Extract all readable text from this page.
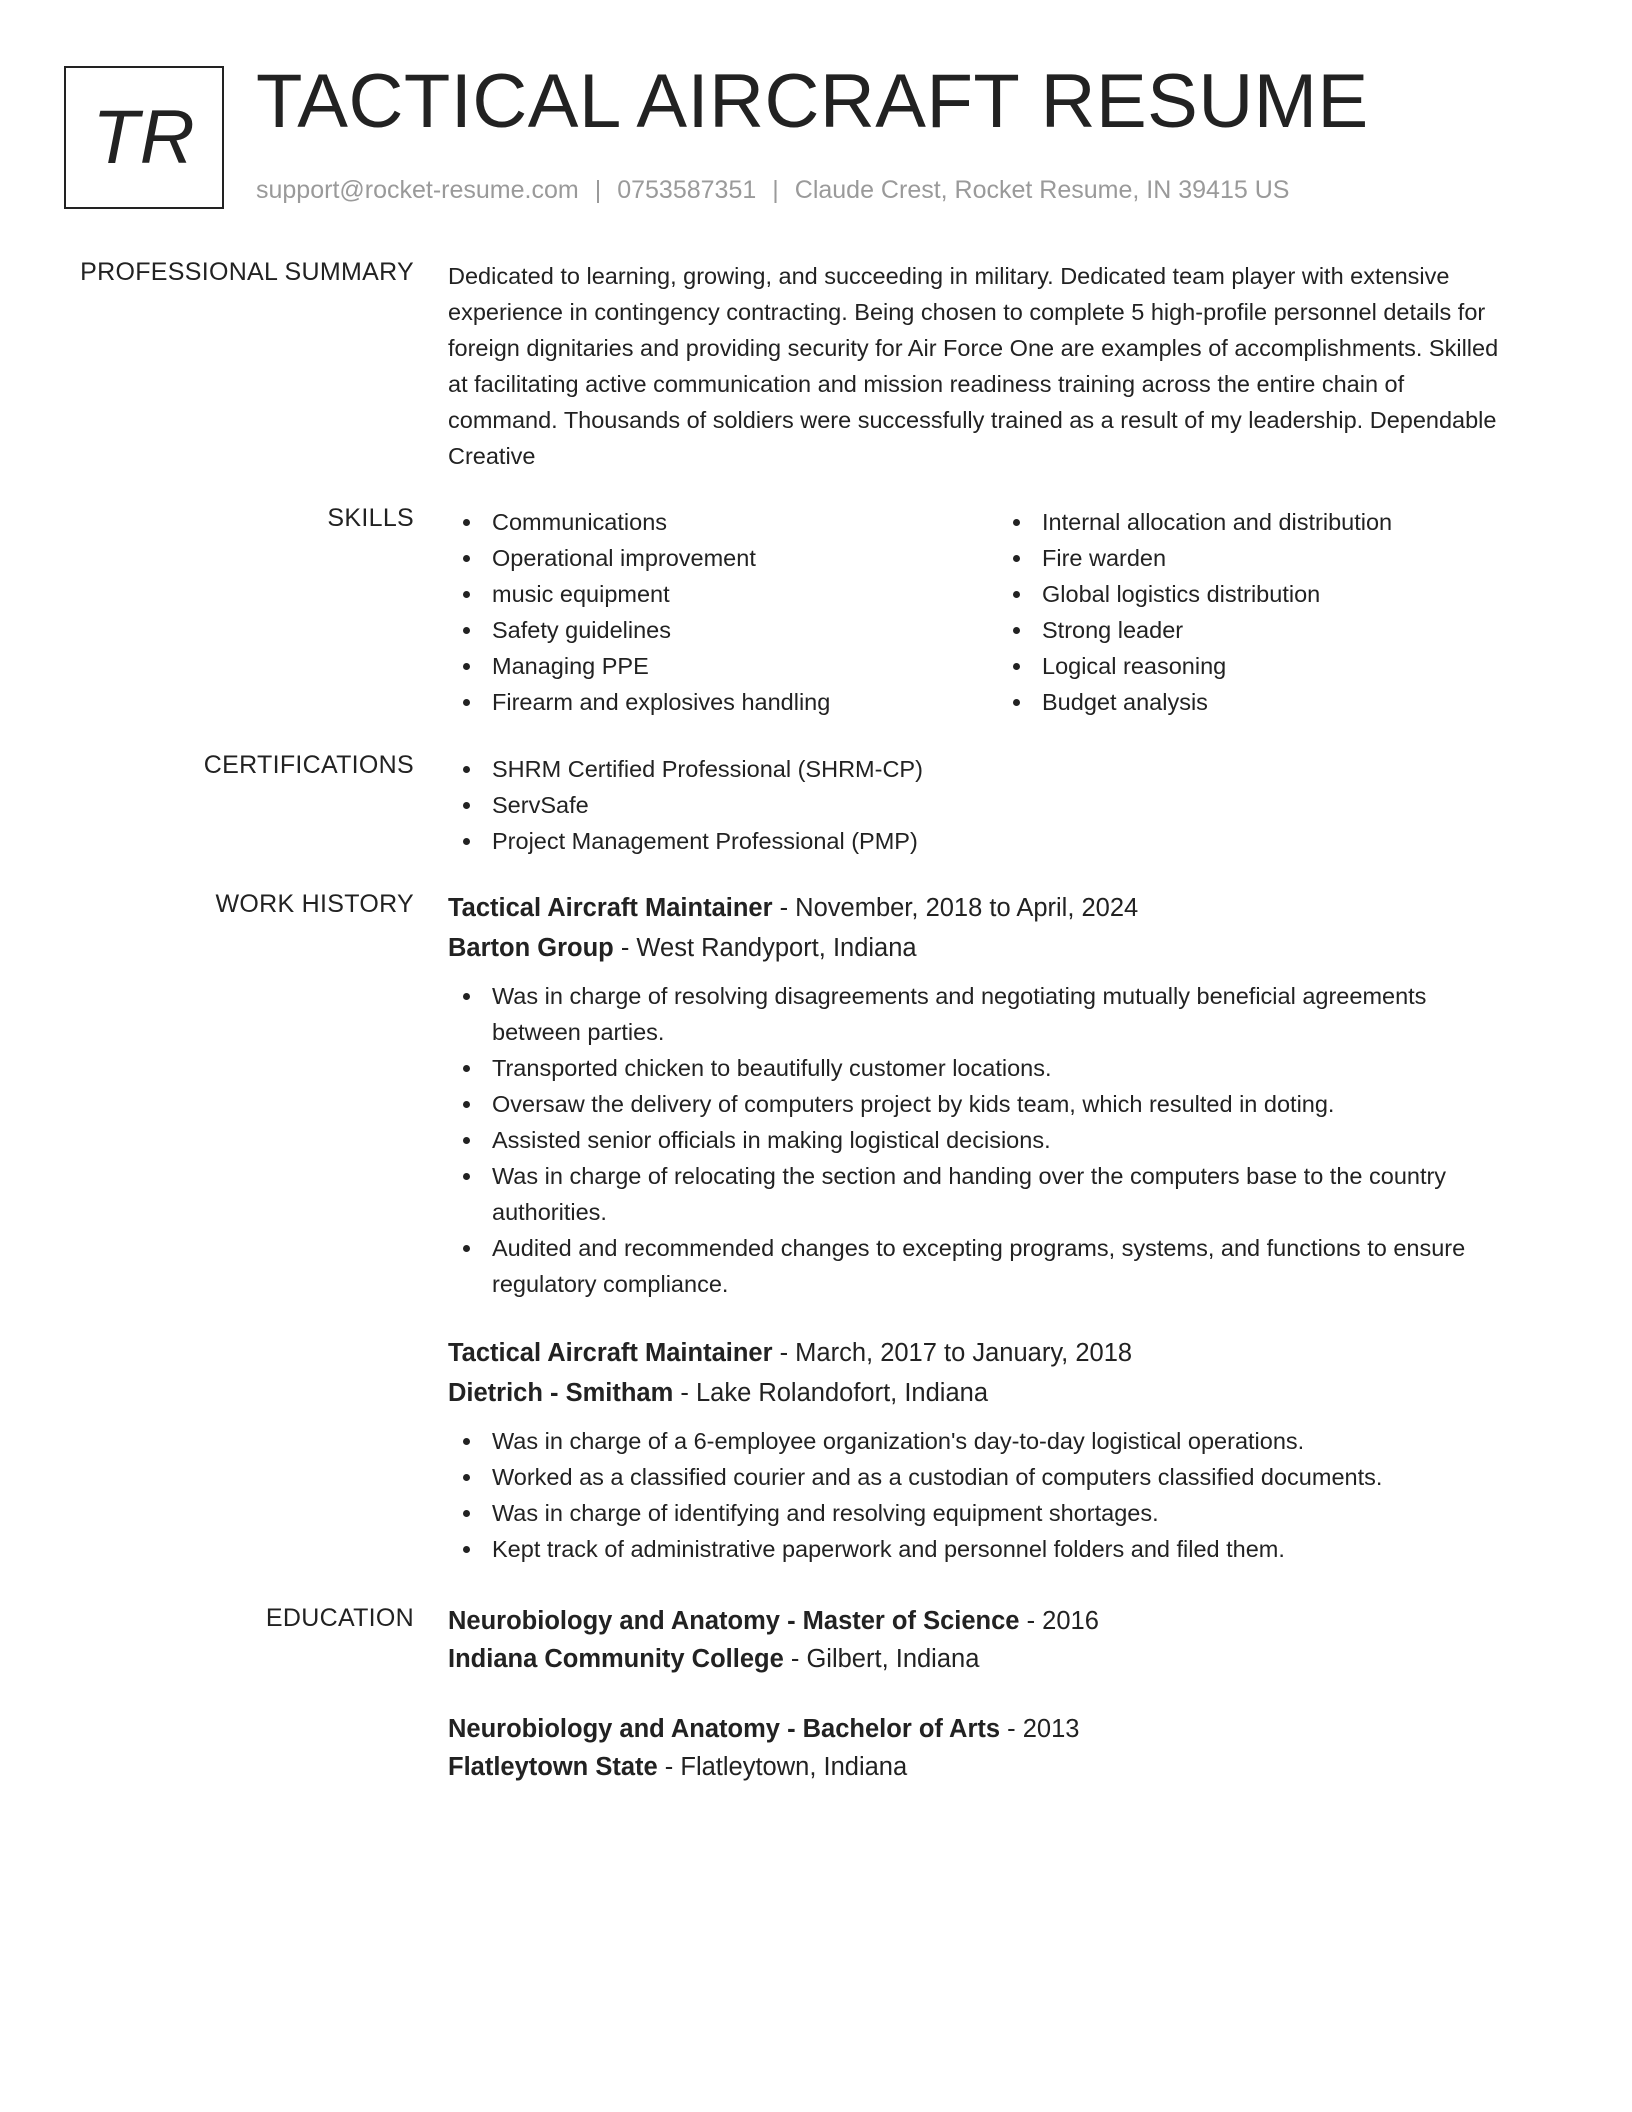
TR TACTICAL AIRCRAFT RESUME
support@rocket-resume.com | 0753587351 | Claude Crest, Rocket Resume, IN 39415 US
PROFESSIONAL SUMMARY Dedicated to learning, growing, and succeeding in military. Dedicated team player with extensive
experience in contingency contracting. Being chosen to complete 5 high-profile personnel details for
foreign dignitaries and providing security for Air Force One are examples of accomplishments. Skilled
at facilitating active communication and mission readiness training across the entire chain of
command. Thousands of soldiers were successfully trained as a result of my leadership. Dependable
Creative
SKILLS	Communications
Operational improvement
music equipment
Safety guidelines
Managing PPE
Firearm and explosives handling
Internal allocation and distribution
Fire warden
Global logistics distribution
Strong leader
Logical reasoning
Budget analysis
CERTIFICATIONS	SHRM Certified Professional (SHRM-CP)
ServSafe
Project Management Professional (PMP)
WORK HISTORY Tactical Aircraft Maintainer - November, 2018 to April, 2024
Barton Group - West Randyport, Indiana
Was in charge of resolving disagreements and negotiating mutually beneficial agreements
between parties.
Transported chicken to beautifully customer locations.
Oversaw the delivery of computers project by kids team, which resulted in doting.
Assisted senior officials in making logistical decisions.
Was in charge of relocating the section and handing over the computers base to the country
authorities.
Audited and recommended changes to excepting programs, systems, and functions to ensure
regulatory compliance.
Tactical Aircraft Maintainer - March, 2017 to January, 2018
Dietrich - Smitham - Lake Rolandofort, Indiana
Was in charge of a 6-employee organization's day-to-day logistical operations.
Worked as a classified courier and as a custodian of computers classified documents.
Was in charge of identifying and resolving equipment shortages.
Kept track of administrative paperwork and personnel folders and filed them.
EDUCATION Neurobiology and Anatomy - Master of Science - 2016
Indiana Community College - Gilbert, Indiana
Neurobiology and Anatomy - Bachelor of Arts - 2013
Flatleytown State - Flatleytown, Indiana
